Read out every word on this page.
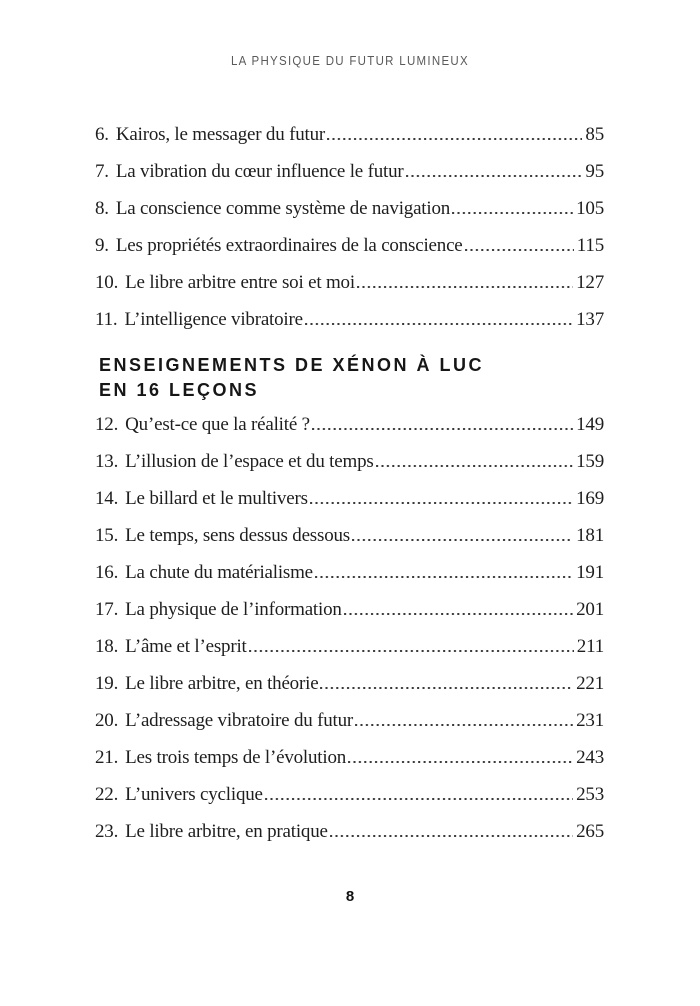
LA PHYSIQUE DU FUTUR LUMINEUX
6. Kairos, le messager du futur	85
7. La vibration du cœur influence le futur	95
8. La conscience comme système de navigation	105
9. Les propriétés extraordinaires de la conscience	115
10. Le libre arbitre entre soi et moi	127
11. L’intelligence vibratoire	137
ENSEIGNEMENTS DE XÉNON À LUC
EN 16 LEÇONS
12. Qu’est-ce que la réalité ?	149
13. L’illusion de l’espace et du temps	159
14. Le billard et le multivers	169
15. Le temps, sens dessus dessous	181
16. La chute du matérialisme	191
17. La physique de l’information	201
18. L’âme et l’esprit	211
19. Le libre arbitre, en théorie	221
20. L’adressage vibratoire du futur	231
21. Les trois temps de l’évolution	243
22. L’univers cyclique	253
23. Le libre arbitre, en pratique	265
8
